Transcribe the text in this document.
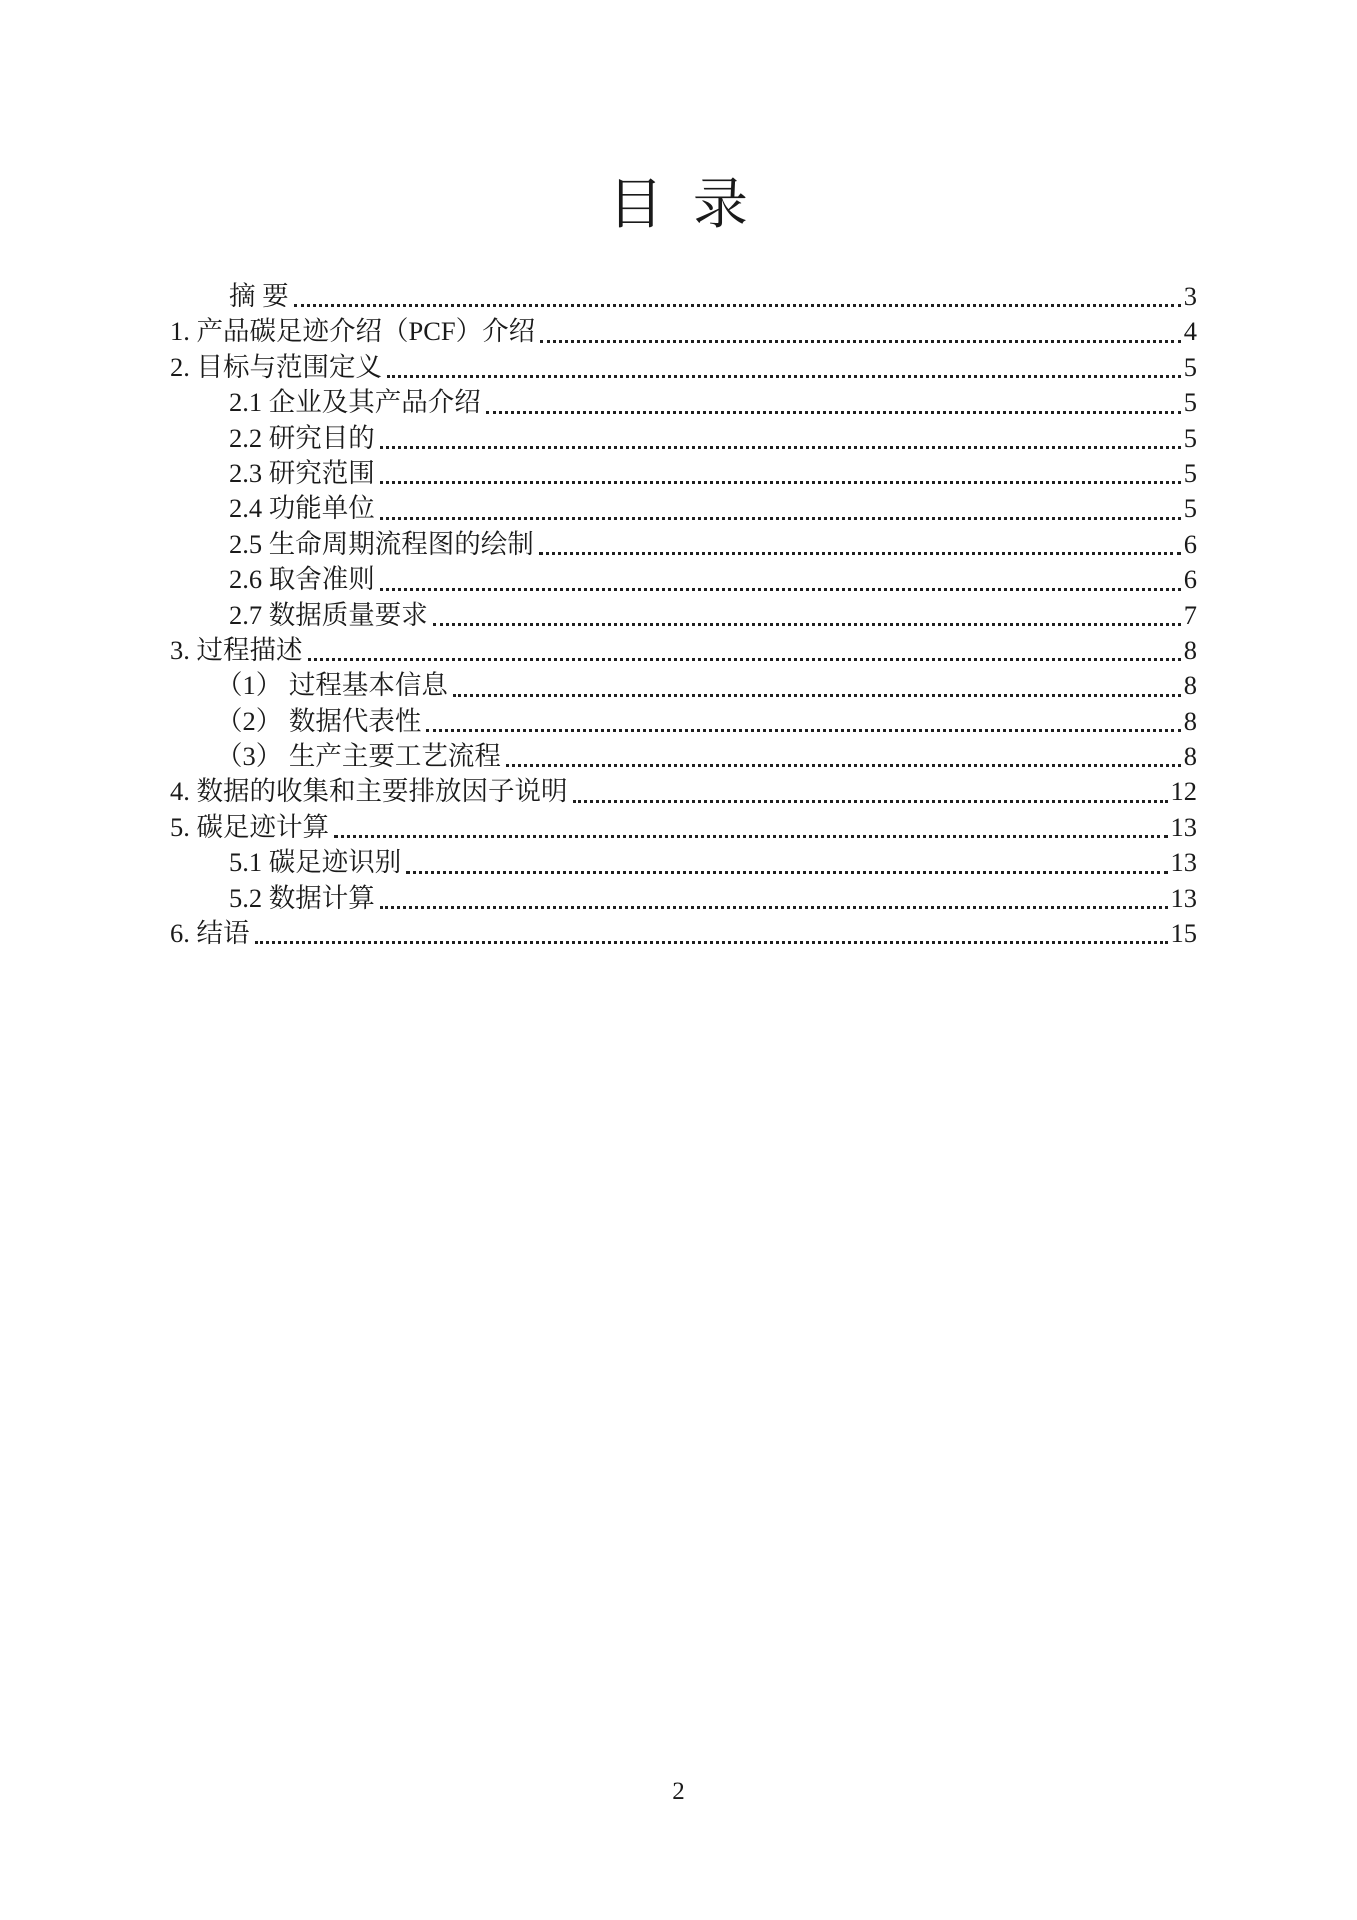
目 录
摘 要	3
1. 产品碳足迹介绍（PCF）介绍	4
2. 目标与范围定义	5
2.1 企业及其产品介绍	5
2.2 研究目的	5
2.3 研究范围	5
2.4 功能单位	5
2.5 生命周期流程图的绘制	6
2.6 取舍准则	6
2.7 数据质量要求	7
3. 过程描述	8
（1） 过程基本信息	8
（2） 数据代表性	8
（3） 生产主要工艺流程	8
4. 数据的收集和主要排放因子说明	12
5. 碳足迹计算	13
5.1 碳足迹识别	13
5.2 数据计算	13
6. 结语	15
2
